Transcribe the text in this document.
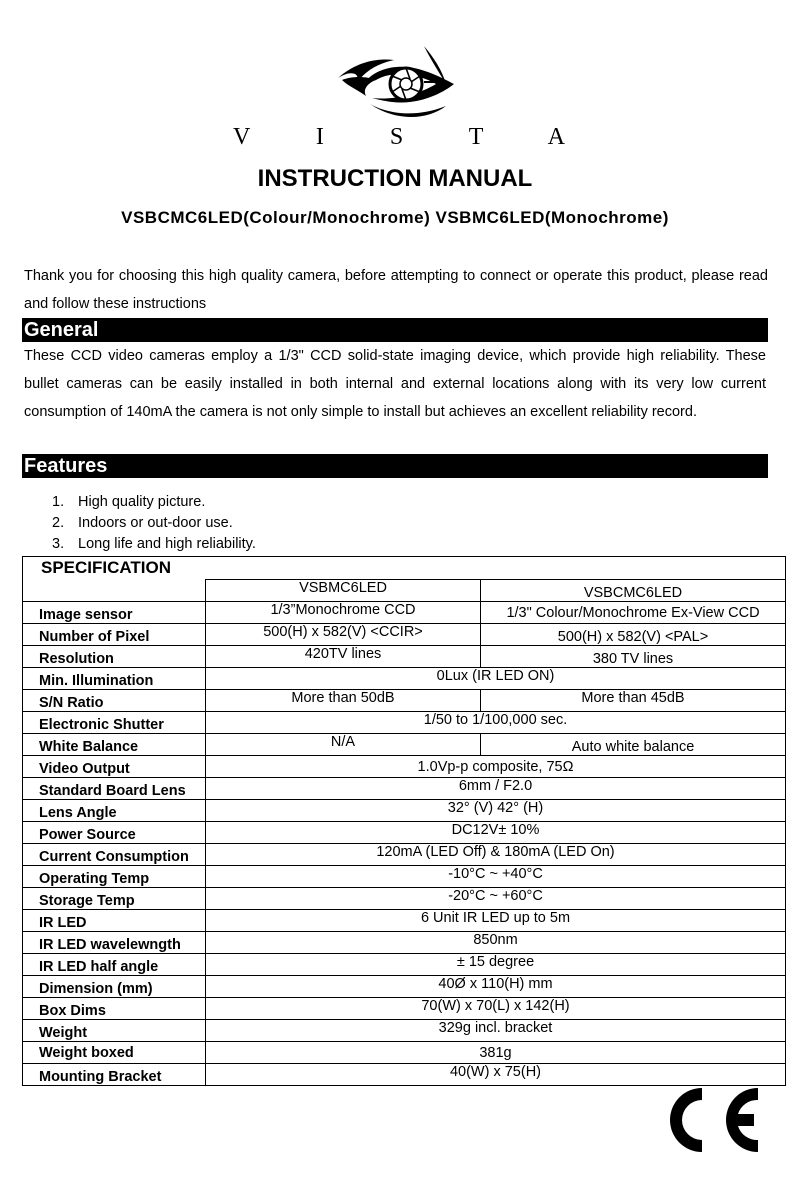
V I S T A
INSTRUCTION MANUAL
VSBCMC6LED(Colour/Monochrome) VSBMC6LED(Monochrome)
Thank you for choosing this high quality camera, before attempting to connect or operate this product, please read and follow these instructions
General
These CCD video cameras employ a 1/3" CCD solid-state imaging device, which provide high reliability. These bullet cameras can be easily installed in both internal and external locations along with its very low current consumption of 140mA the camera is not only simple to install but achieves an excellent reliability record.
Features
1. High quality picture.
2. Indoors or out-door use.
3. Long life and high reliability.
SPECIFICATION		
	VSBMC6LED	VSBCMC6LED
Image sensor	1/3”Monochrome CCD	1/3" Colour/Monochrome Ex-View CCD
Number of Pixel	500(H) x 582(V) <CCIR>	500(H) x 582(V) <PAL>
Resolution	420TV lines	380 TV lines
Min. Illumination	0Lux (IR LED ON)	
S/N Ratio	More than 50dB	More than 45dB
Electronic Shutter	1/50 to 1/100,000 sec.	
White Balance	N/A	Auto white balance
Video Output	1.0Vp-p composite, 75Ω	
Standard Board Lens	6mm / F2.0	
Lens Angle	32° (V) 42° (H)	
Power Source	DC12V± 10%	
Current Consumption	120mA (LED Off) & 180mA (LED On)	
Operating Temp	-10°C ~ +40°C	
Storage Temp	-20°C ~ +60°C	
IR LED	6 Unit IR LED up to 5m	
IR LED wavelewngth	850nm	
IR LED half angle	± 15 degree	
Dimension (mm)	40Ø x 110(H) mm	
Box Dims	70(W) x 70(L) x 142(H)	
Weight	329g incl. bracket	
Weight boxed	381g	
Mounting Bracket	40(W) x 75(H)	
